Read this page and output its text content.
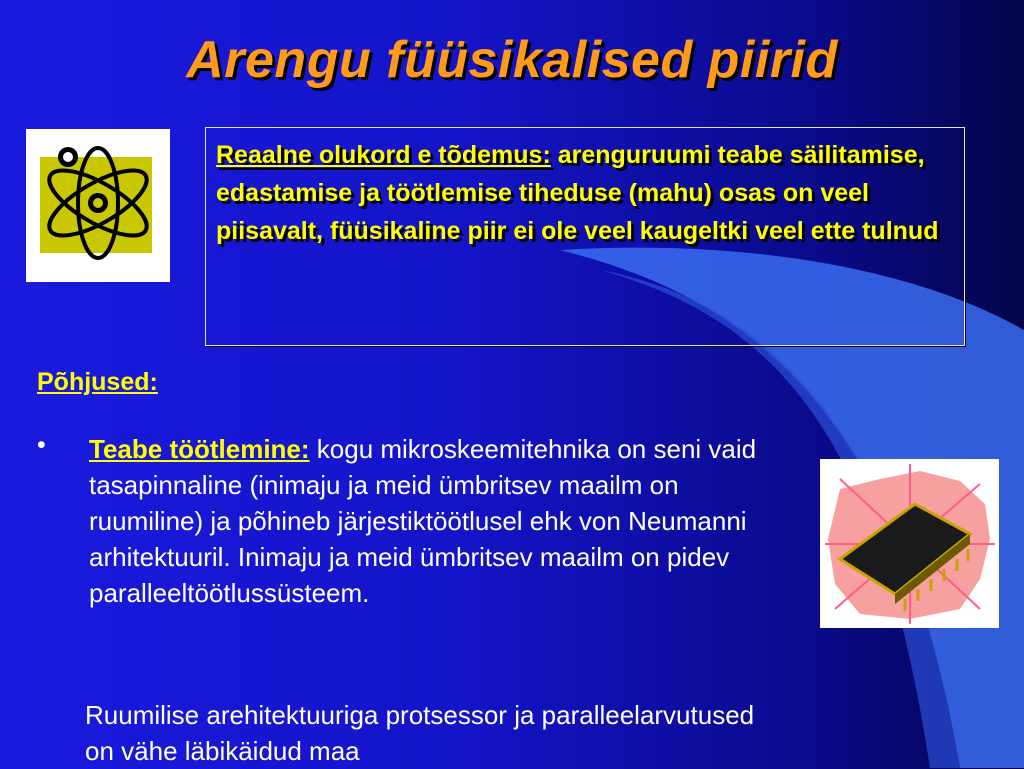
Arengu füüsikalised piirid
Reaalne olukord e tõdemus: arenguruumi teabe säilitamise, edastamise ja töötlemise tiheduse (mahu) osas on veel piisavalt, füüsikaline piir ei ole veel kaugeltki veel ette tulnud
Põhjused:
• Teabe töötlemine: kogu mikroskeemitehnika on seni vaid tasapinnaline (inimaju ja meid ümbritsev maailm on ruumiline) ja põhineb järjestiktöötlusel ehk von Neumanni arhitektuuril. Inimaju ja meid ümbritsev maailm on pidev paralleeltöötlussüsteem.
Ruumilise arehitektuuriga protsessor ja paralleelarvutused on vähe läbikäidud maa
